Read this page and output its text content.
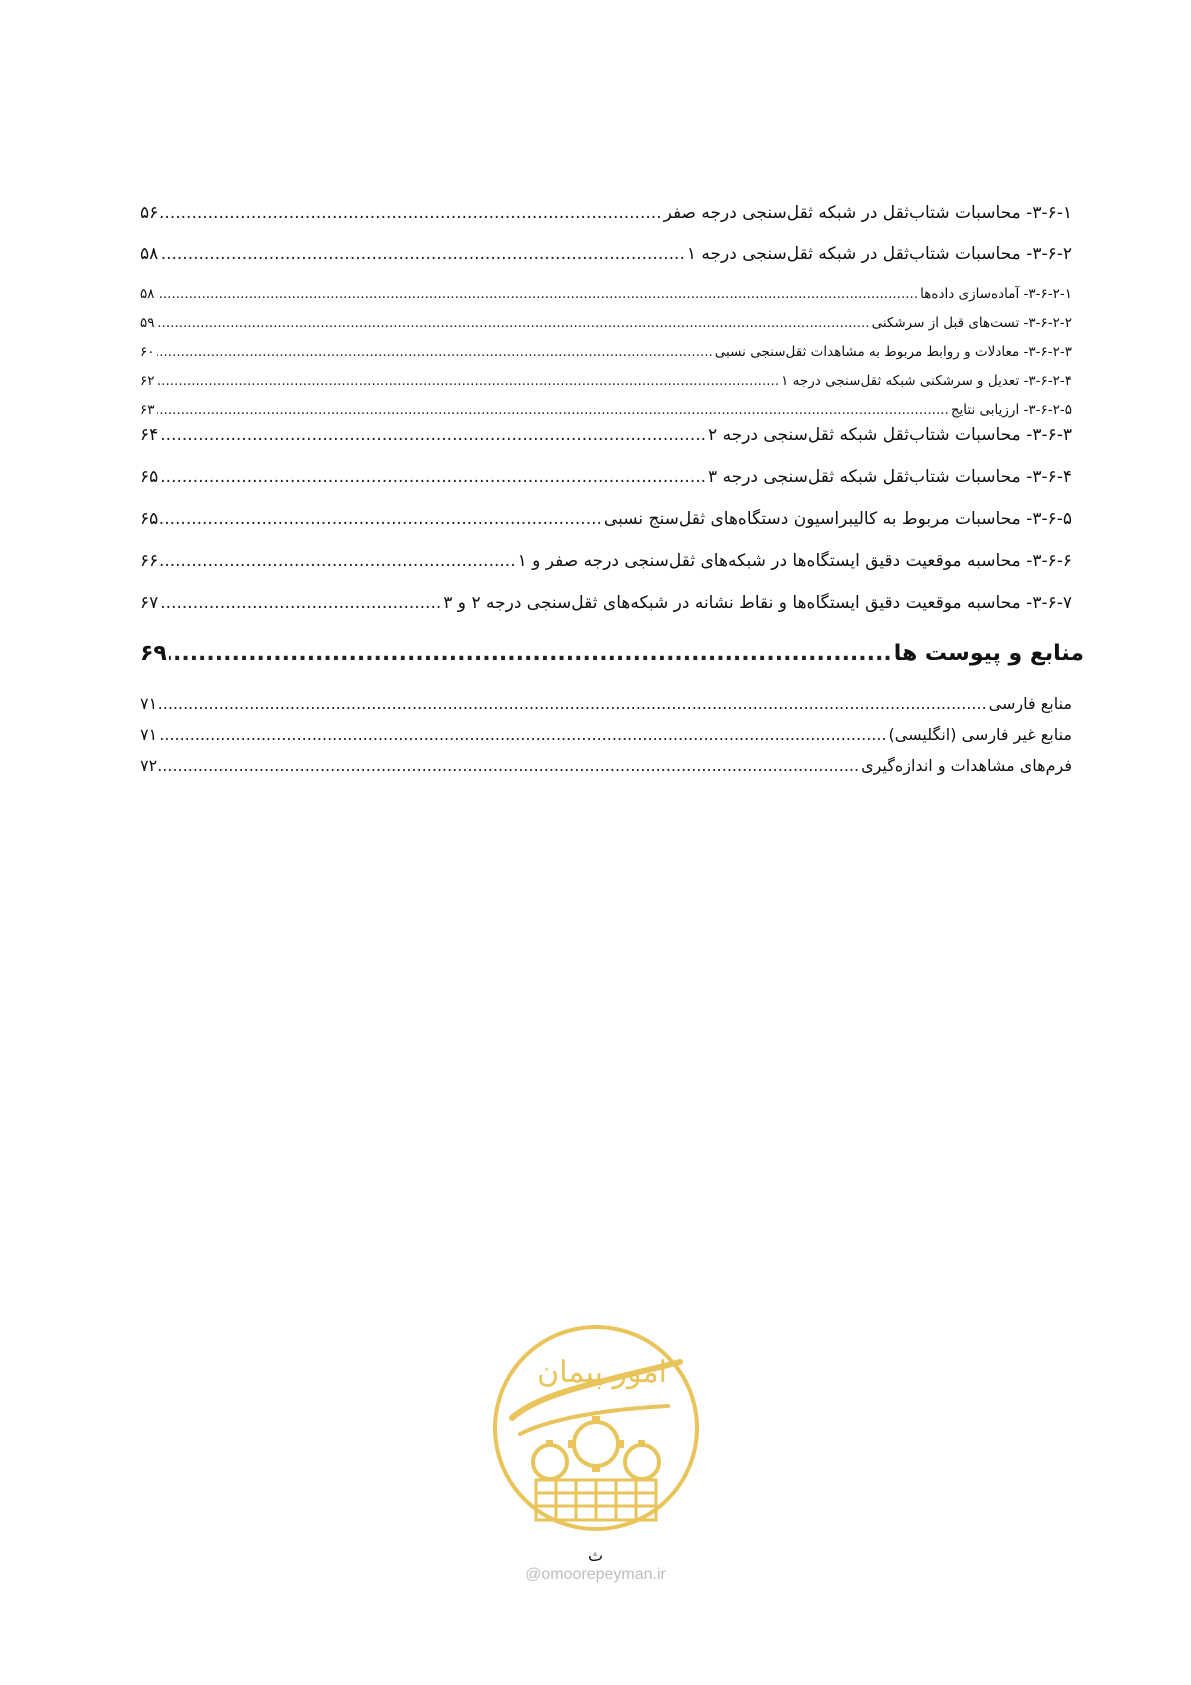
۳-۶-۱- محاسبات شتاب‌ثقل در شبکه ثقل‌سنجی درجه صفر
.....
۵۶
۳-۶-۲- محاسبات شتاب‌ثقل در شبکه ثقل‌سنجی درجه ۱
.....
۵۸
۳-۶-۲-۱- آماده‌سازی داده‌ها
.....
۵۸
۳-۶-۲-۲- تست‌های قبل از سرشکنی
.....
۵۹
۳-۶-۲-۳- معادلات و روابط مربوط به مشاهدات ثقل‌سنجی نسبی
.....
۶۰
۳-۶-۲-۴- تعدیل و سرشکنی شبکه ثقل‌سنجی درجه ۱
.....
۶۲
۳-۶-۲-۵- ارزیابی نتایج
.....
۶۳
۳-۶-۳- محاسبات شتاب‌ثقل شبکه ثقل‌سنجی درجه ۲
.....
۶۴
۳-۶-۴- محاسبات شتاب‌ثقل شبکه ثقل‌سنجی درجه ۳
.....
۶۵
۳-۶-۵- محاسبات مربوط به کالیبراسیون دستگاه‌های ثقل‌سنج نسبی
.....
۶۵
۳-۶-۶- محاسبه موقعیت دقیق ایستگاه‌ها در شبکه‌های ثقل‌سنجی درجه صفر و ۱
.....
۶۶
۳-۶-۷- محاسبه موقعیت دقیق ایستگاه‌ها و نقاط نشانه در شبکه‌های ثقل‌سنجی درجه ۲ و ۳
.....
۶۷
منابع و پیوست ها
.....
۶۹
منابع فارسی
.....
۷۱
منابع غیر فارسی (انگلیسی)
.....
۷۱
فرم‌های مشاهدات و اندازه‌گیری
.....
۷۲
امور پیمان
ث
@omoorepeyman.ir
